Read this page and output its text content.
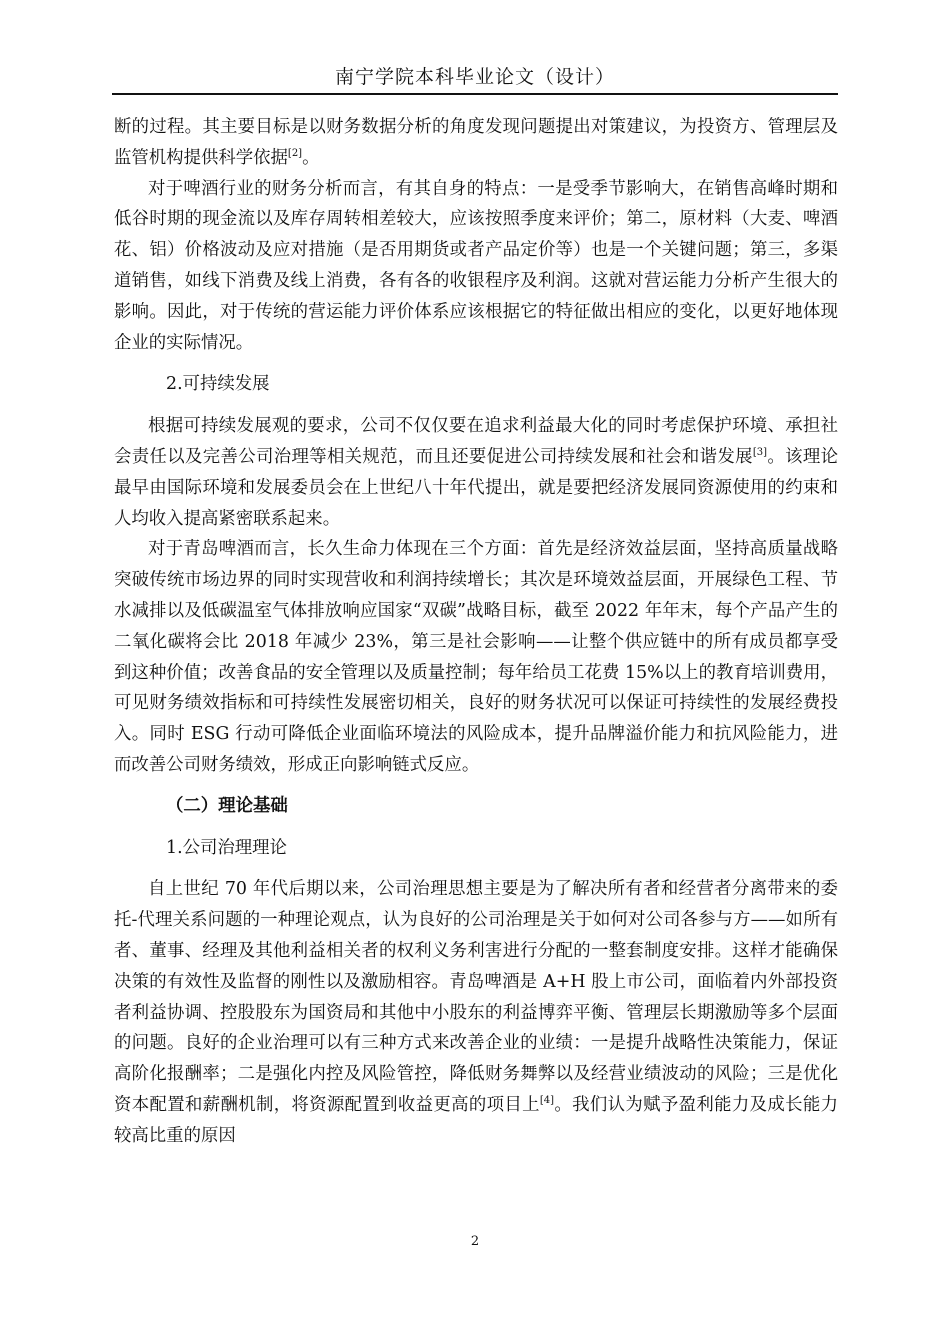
南宁学院本科毕业论文（设计）

断的过程。其主要目标是以财务数据分析的角度发现问题提出对策建议，为投资方、管理层及监管机构提供科学依据[2]。

对于啤酒行业的财务分析而言，有其自身的特点：一是受季节影响大，在销售高峰时期和低谷时期的现金流以及库存周转相差较大，应该按照季度来评价；第二，原材料（大麦、啤酒花、铝）价格波动及应对措施（是否用期货或者产品定价等）也是一个关键问题；第三，多渠道销售，如线下消费及线上消费，各有各的收银程序及利润。这就对营运能力分析产生很大的影响。因此，对于传统的营运能力评价体系应该根据它的特征做出相应的变化，以更好地体现企业的实际情况。

2.可持续发展

根据可持续发展观的要求，公司不仅仅要在追求利益最大化的同时考虑保护环境、承担社会责任以及完善公司治理等相关规范，而且还要促进公司持续发展和社会和谐发展[3]。该理论最早由国际环境和发展委员会在上世纪八十年代提出，就是要把经济发展同资源使用的约束和人均收入提高紧密联系起来。

对于青岛啤酒而言，长久生命力体现在三个方面：首先是经济效益层面，坚持高质量战略突破传统市场边界的同时实现营收和利润持续增长；其次是环境效益层面，开展绿色工程、节水减排以及低碳温室气体排放响应国家“双碳”战略目标，截至 2022 年年末，每个产品产生的二氧化碳将会比 2018 年减少 23%，第三是社会影响——让整个供应链中的所有成员都享受到这种价值；改善食品的安全管理以及质量控制；每年给员工花费 15%以上的教育培训费用，可见财务绩效指标和可持续性发展密切相关，良好的财务状况可以保证可持续性的发展经费投入。同时 ESG 行动可降低企业面临环境法的风险成本，提升品牌溢价能力和抗风险能力，进而改善公司财务绩效，形成正向影响链式反应。

（二）理论基础

1.公司治理理论

自上世纪 70 年代后期以来，公司治理思想主要是为了解决所有者和经营者分离带来的委托-代理关系问题的一种理论观点，认为良好的公司治理是关于如何对公司各参与方——如所有者、董事、经理及其他利益相关者的权利义务利害进行分配的一整套制度安排。这样才能确保决策的有效性及监督的刚性以及激励相容。青岛啤酒是 A+H 股上市公司，面临着内外部投资者利益协调、控股股东为国资局和其他中小股东的利益博弈平衡、管理层长期激励等多个层面的问题。良好的企业治理可以有三种方式来改善企业的业绩：一是提升战略性决策能力，保证高阶化报酬率；二是强化内控及风险管控，降低财务舞弊以及经营业绩波动的风险；三是优化资本配置和薪酬机制，将资源配置到收益更高的项目上[4]。我们认为赋予盈利能力及成长能力较高比重的原因

2
